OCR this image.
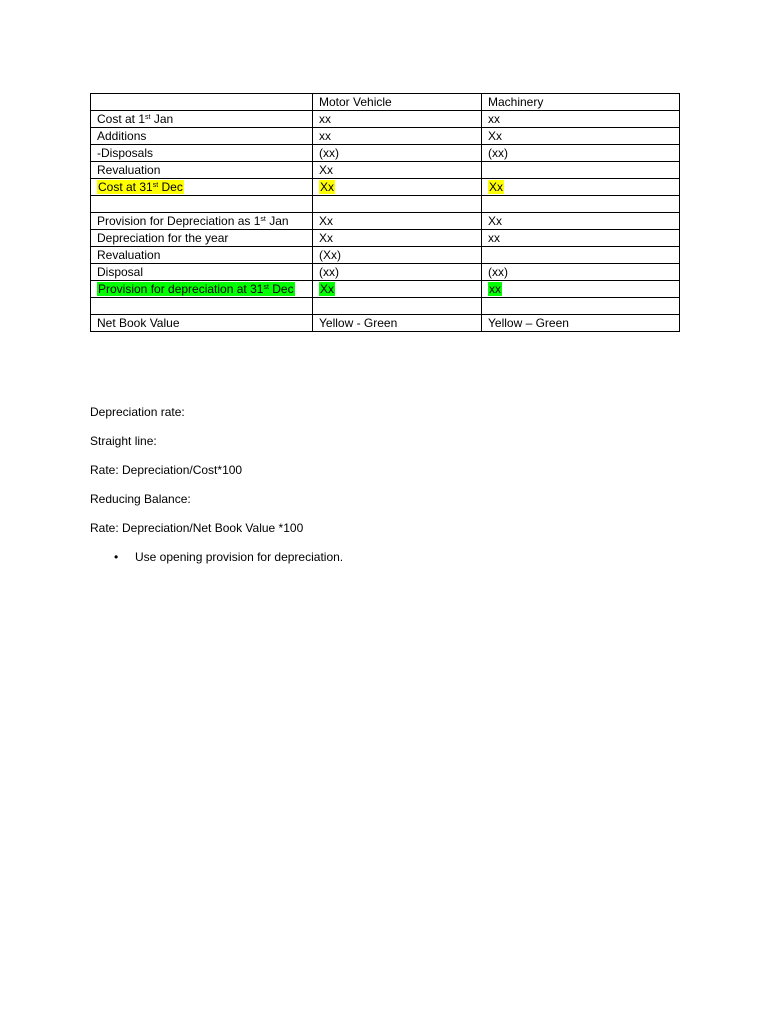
	Motor Vehicle	Machinery
Cost at 1st Jan	xx	xx
Additions	xx	Xx
-Disposals	(xx)	(xx)
Revaluation	Xx	
Cost at 31st Dec	Xx	Xx

Provision for Depreciation as 1st Jan	Xx	Xx
Depreciation for the year	Xx	xx
Revaluation	(Xx)	
Disposal	(xx)	(xx)
Provision for depreciation at 31st Dec	Xx	xx

Net Book Value	Yellow - Green	Yellow – Green

Depreciation rate:

Straight line:

Rate: Depreciation/Cost*100

Reducing Balance:

Rate: Depreciation/Net Book Value *100

• Use opening provision for depreciation.
